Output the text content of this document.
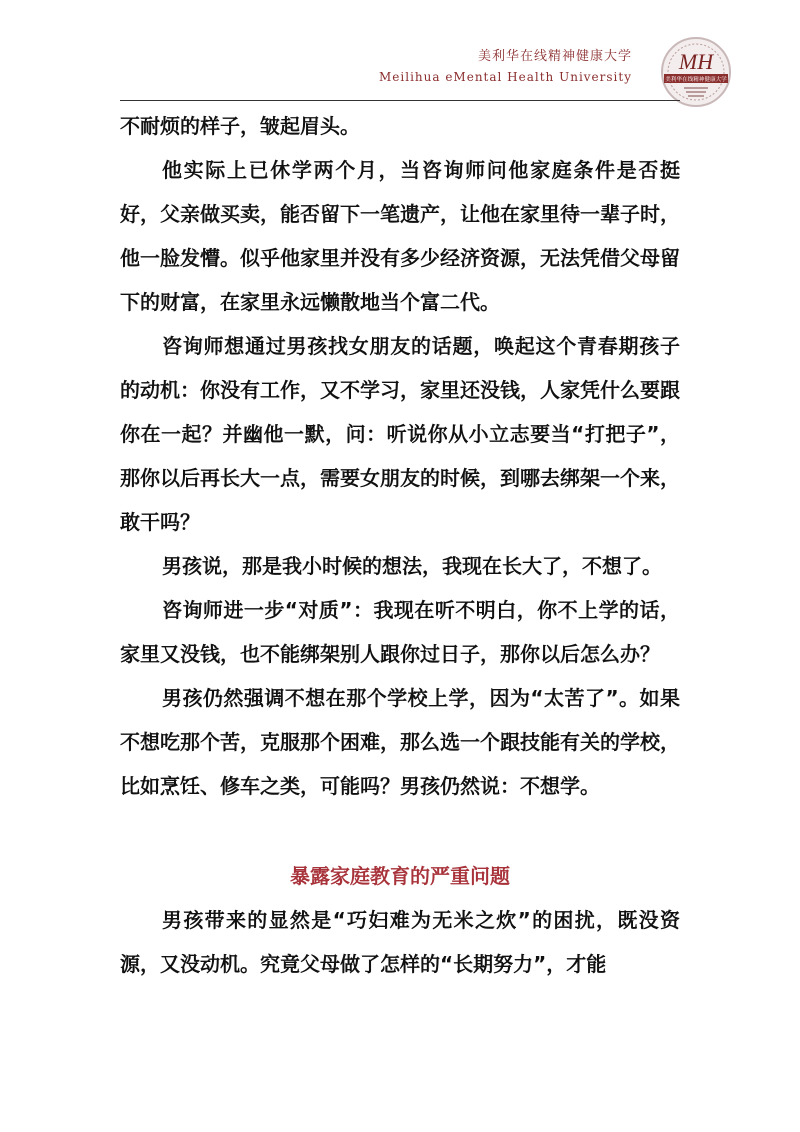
美利华在线精神健康大学
Meilihua eMental Health University
MH
美利华在线精神健康大学

不耐烦的样子，皱起眉头。

他实际上已休学两个月，当咨询师问他家庭条件是否挺好，父亲做买卖，能否留下一笔遗产，让他在家里待一辈子时，他一脸发懵。似乎他家里并没有多少经济资源，无法凭借父母留下的财富，在家里永远懒散地当个富二代。

咨询师想通过男孩找女朋友的话题，唤起这个青春期孩子的动机：你没有工作，又不学习，家里还没钱，人家凭什么要跟你在一起？并幽他一默，问：听说你从小立志要当“打把子”，那你以后再长大一点，需要女朋友的时候，到哪去绑架一个来，敢干吗？

男孩说，那是我小时候的想法，我现在长大了，不想了。

咨询师进一步“对质”：我现在听不明白，你不上学的话，家里又没钱，也不能绑架别人跟你过日子，那你以后怎么办？

男孩仍然强调不想在那个学校上学，因为“太苦了”。如果不想吃那个苦，克服那个困难，那么选一个跟技能有关的学校，比如烹饪、修车之类，可能吗？男孩仍然说：不想学。

暴露家庭教育的严重问题

男孩带来的显然是“巧妇难为无米之炊”的困扰，既没资源，又没动机。究竟父母做了怎样的“长期努力”，才能
